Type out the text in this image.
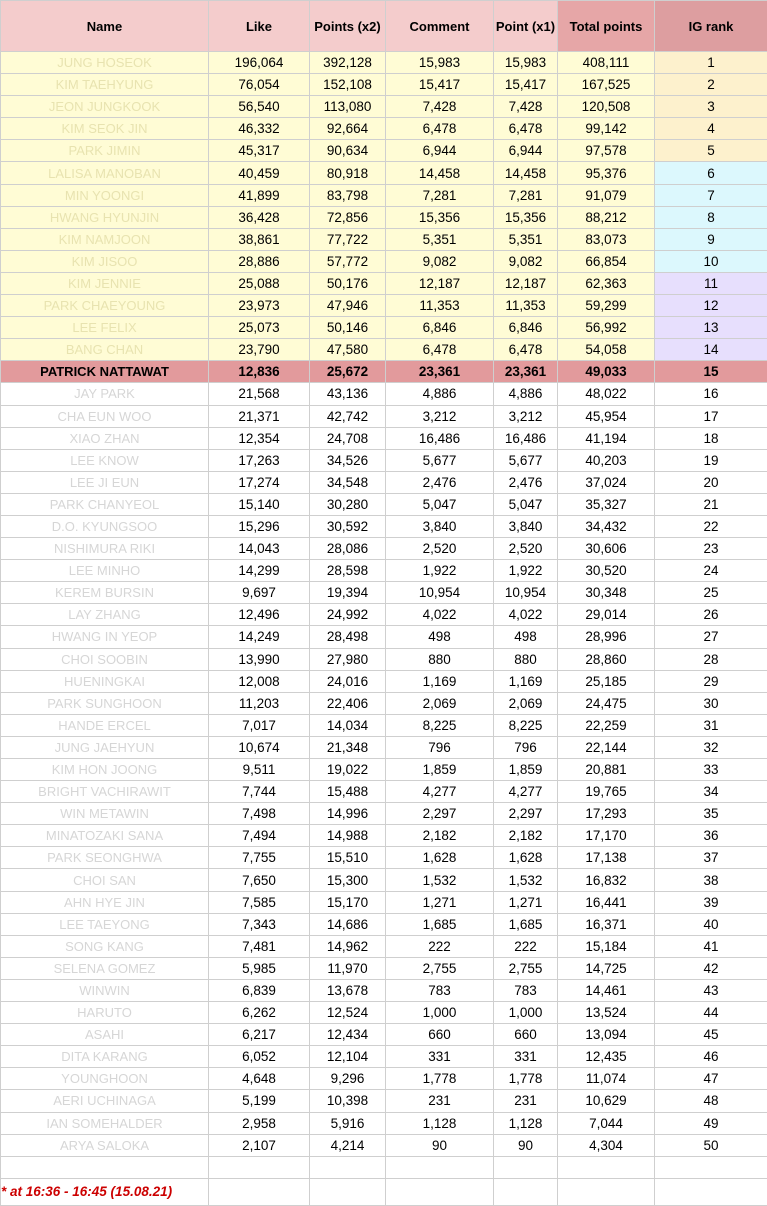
Name	Like	Points (x2)	Comment	Point (x1)	Total points	IG rank
JUNG HOSEOK	196,064	392,128	15,983	15,983	408,111	1
KIM TAEHYUNG	76,054	152,108	15,417	15,417	167,525	2
JEON JUNGKOOK	56,540	113,080	7,428	7,428	120,508	3
KIM SEOK JIN	46,332	92,664	6,478	6,478	99,142	4
PARK JIMIN	45,317	90,634	6,944	6,944	97,578	5
LALISA MANOBAN	40,459	80,918	14,458	14,458	95,376	6
MIN YOONGI	41,899	83,798	7,281	7,281	91,079	7
HWANG HYUNJIN	36,428	72,856	15,356	15,356	88,212	8
KIM NAMJOON	38,861	77,722	5,351	5,351	83,073	9
KIM JISOO	28,886	57,772	9,082	9,082	66,854	10
KIM JENNIE	25,088	50,176	12,187	12,187	62,363	11
PARK CHAEYOUNG	23,973	47,946	11,353	11,353	59,299	12
LEE FELIX	25,073	50,146	6,846	6,846	56,992	13
BANG CHAN	23,790	47,580	6,478	6,478	54,058	14
PATRICK NATTAWAT	12,836	25,672	23,361	23,361	49,033	15
JAY PARK	21,568	43,136	4,886	4,886	48,022	16
CHA EUN WOO	21,371	42,742	3,212	3,212	45,954	17
XIAO ZHAN	12,354	24,708	16,486	16,486	41,194	18
LEE KNOW	17,263	34,526	5,677	5,677	40,203	19
LEE JI EUN	17,274	34,548	2,476	2,476	37,024	20
PARK CHANYEOL	15,140	30,280	5,047	5,047	35,327	21
D.O. KYUNGSOO	15,296	30,592	3,840	3,840	34,432	22
NISHIMURA RIKI	14,043	28,086	2,520	2,520	30,606	23
LEE MINHO	14,299	28,598	1,922	1,922	30,520	24
KEREM BURSIN	9,697	19,394	10,954	10,954	30,348	25
LAY ZHANG	12,496	24,992	4,022	4,022	29,014	26
HWANG IN YEOP	14,249	28,498	498	498	28,996	27
CHOI SOOBIN	13,990	27,980	880	880	28,860	28
HUENINGKAI	12,008	24,016	1,169	1,169	25,185	29
PARK SUNGHOON	11,203	22,406	2,069	2,069	24,475	30
HANDE ERCEL	7,017	14,034	8,225	8,225	22,259	31
JUNG JAEHYUN	10,674	21,348	796	796	22,144	32
KIM HON JOONG	9,511	19,022	1,859	1,859	20,881	33
BRIGHT VACHIRAWIT	7,744	15,488	4,277	4,277	19,765	34
WIN METAWIN	7,498	14,996	2,297	2,297	17,293	35
MINATOZAKI SANA	7,494	14,988	2,182	2,182	17,170	36
PARK SEONGHWA	7,755	15,510	1,628	1,628	17,138	37
CHOI SAN	7,650	15,300	1,532	1,532	16,832	38
AHN HYE JIN	7,585	15,170	1,271	1,271	16,441	39
LEE TAEYONG	7,343	14,686	1,685	1,685	16,371	40
SONG KANG	7,481	14,962	222	222	15,184	41
SELENA GOMEZ	5,985	11,970	2,755	2,755	14,725	42
WINWIN	6,839	13,678	783	783	14,461	43
HARUTO	6,262	12,524	1,000	1,000	13,524	44
ASAHI	6,217	12,434	660	660	13,094	45
DITA KARANG	6,052	12,104	331	331	12,435	46
YOUNGHOON	4,648	9,296	1,778	1,778	11,074	47
AERI UCHINAGA	5,199	10,398	231	231	10,629	48
IAN SOMEHALDER	2,958	5,916	1,128	1,128	7,044	49
ARYA SALOKA	2,107	4,214	90	90	4,304	50

* at 16:36 - 16:45 (15.08.21)						
